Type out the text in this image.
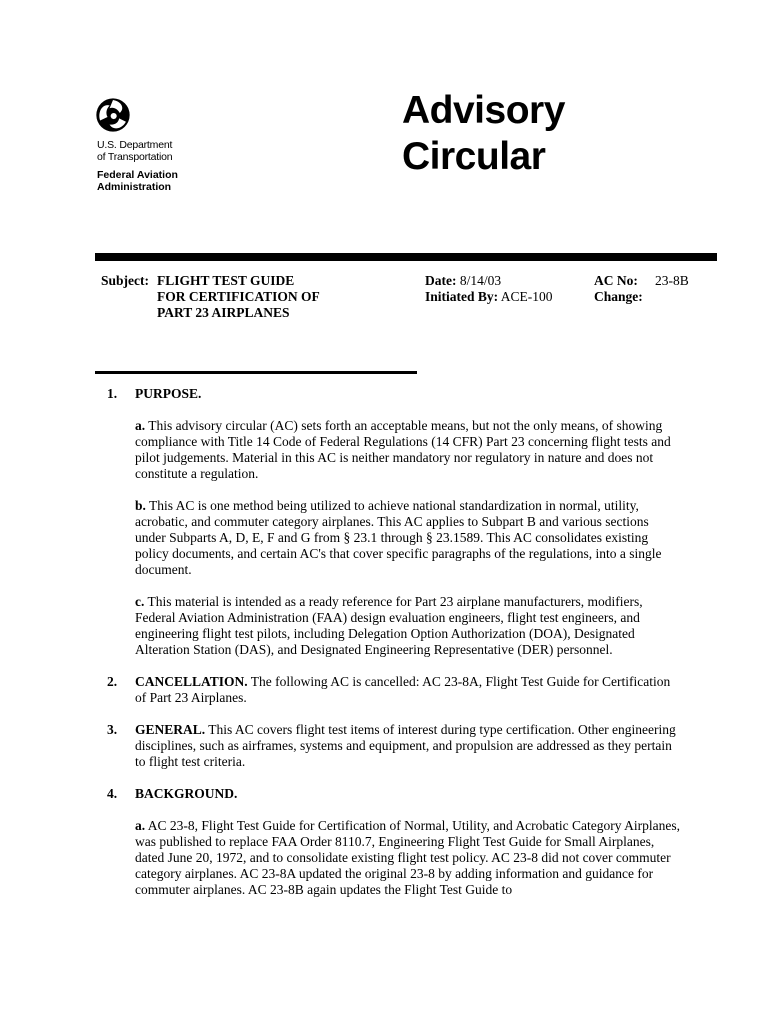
U.S. Department
of Transportation
Federal Aviation
Administration
Advisory
Circular
Subject: FLIGHT TEST GUIDE
FOR CERTIFICATION OF
PART 23 AIRPLANES
Date: 8/14/03
Initiated By: ACE-100
AC No: 23-8B
Change:
1. PURPOSE.
a. This advisory circular (AC) sets forth an acceptable means, but not the only means, of showing compliance with Title 14 Code of Federal Regulations (14 CFR) Part 23 concerning flight tests and pilot judgements. Material in this AC is neither mandatory nor regulatory in nature and does not constitute a regulation.
b. This AC is one method being utilized to achieve national standardization in normal, utility, acrobatic, and commuter category airplanes. This AC applies to Subpart B and various sections under Subparts A, D, E, F and G from § 23.1 through § 23.1589. This AC consolidates existing policy documents, and certain AC's that cover specific paragraphs of the regulations, into a single document.
c. This material is intended as a ready reference for Part 23 airplane manufacturers, modifiers, Federal Aviation Administration (FAA) design evaluation engineers, flight test engineers, and engineering flight test pilots, including Delegation Option Authorization (DOA), Designated Alteration Station (DAS), and Designated Engineering Representative (DER) personnel.
2. CANCELLATION. The following AC is cancelled: AC 23-8A, Flight Test Guide for Certification of Part 23 Airplanes.
3. GENERAL. This AC covers flight test items of interest during type certification. Other engineering disciplines, such as airframes, systems and equipment, and propulsion are addressed as they pertain to flight test criteria.
4. BACKGROUND.
a. AC 23-8, Flight Test Guide for Certification of Normal, Utility, and Acrobatic Category Airplanes, was published to replace FAA Order 8110.7, Engineering Flight Test Guide for Small Airplanes, dated June 20, 1972, and to consolidate existing flight test policy. AC 23-8 did not cover commuter category airplanes. AC 23-8A updated the original 23-8 by adding information and guidance for commuter airplanes. AC 23-8B again updates the Flight Test Guide to
